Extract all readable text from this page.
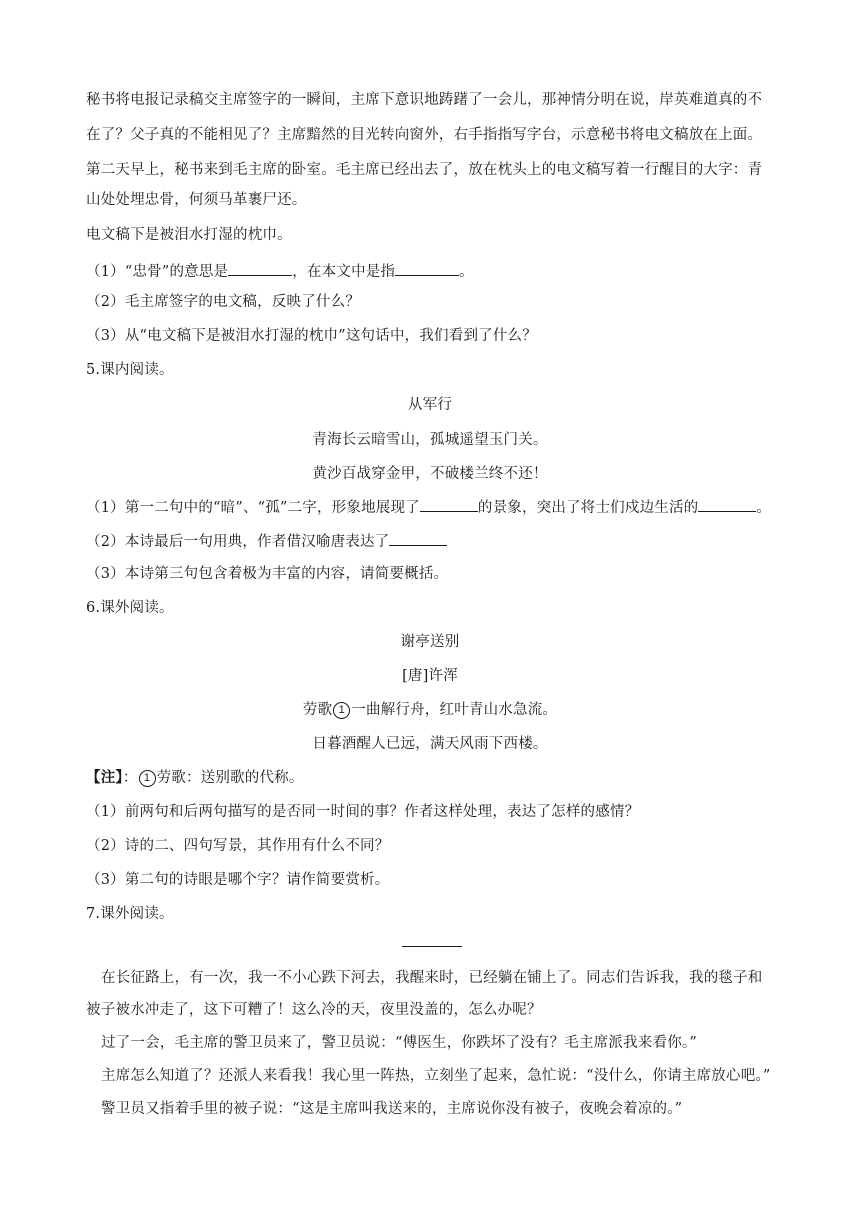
秘书将电报记录稿交主席签字的一瞬间，主席下意识地踌躇了一会儿，那神情分明在说，岸英难道真的不
在了？父子真的不能相见了？主席黯然的目光转向窗外，右手指指写字台，示意秘书将电文稿放在上面。
第二天早上，秘书来到毛主席的卧室。毛主席已经出去了，放在枕头上的电文稿写着一行醒目的大字：青
山处处埋忠骨，何须马革裹尸还。
电文稿下是被泪水打湿的枕巾。
（1）“忠骨”的意思是	，在本文中是指	。
（2）毛主席签字的电文稿，反映了什么？
（3）从“电文稿下是被泪水打湿的枕巾”这句话中，我们看到了什么？
5.课内阅读。
从军行
青海长云暗雪山，孤城遥望玉门关。
黄沙百战穿金甲，不破楼兰终不还！
（1）第一二句中的“暗”、“孤”二字，形象地展现了	的景象，突出了将士们戍边生活的	。
（2）本诗最后一句用典，作者借汉喻唐表达了
（3）本诗第三句包含着极为丰富的内容，请简要概括。
6.课外阅读。
谢亭送别
[唐]许浑
劳歌 1 一曲解行舟，红叶青山水急流。
日暮酒醒人已远，满天风雨下西楼。
【注】： 1 劳歌：送别歌的代称。
（1）前两句和后两句描写的是否同一时间的事？作者这样处理，表达了怎样的感情？
（2）诗的二、四句写景，其作用有什么不同？
（3）第二句的诗眼是哪个字？请作简要赏析。
7.课外阅读。
在长征路上，有一次，我一不小心跌下河去，我醒来时，已经躺在铺上了。同志们告诉我，我的毯子和
被子被水冲走了，这下可糟了！这么冷的天，夜里没盖的，怎么办呢？
过了一会，毛主席的警卫员来了，警卫员说：“傅医生，你跌坏了没有？毛主席派我来看你。”
主席怎么知道了？还派人来看我！我心里一阵热，立刻坐了起来，急忙说：“没什么，你请主席放心吧。”
警卫员又指着手里的被子说：“这是主席叫我送来的，主席说你没有被子，夜晚会着凉的。”
